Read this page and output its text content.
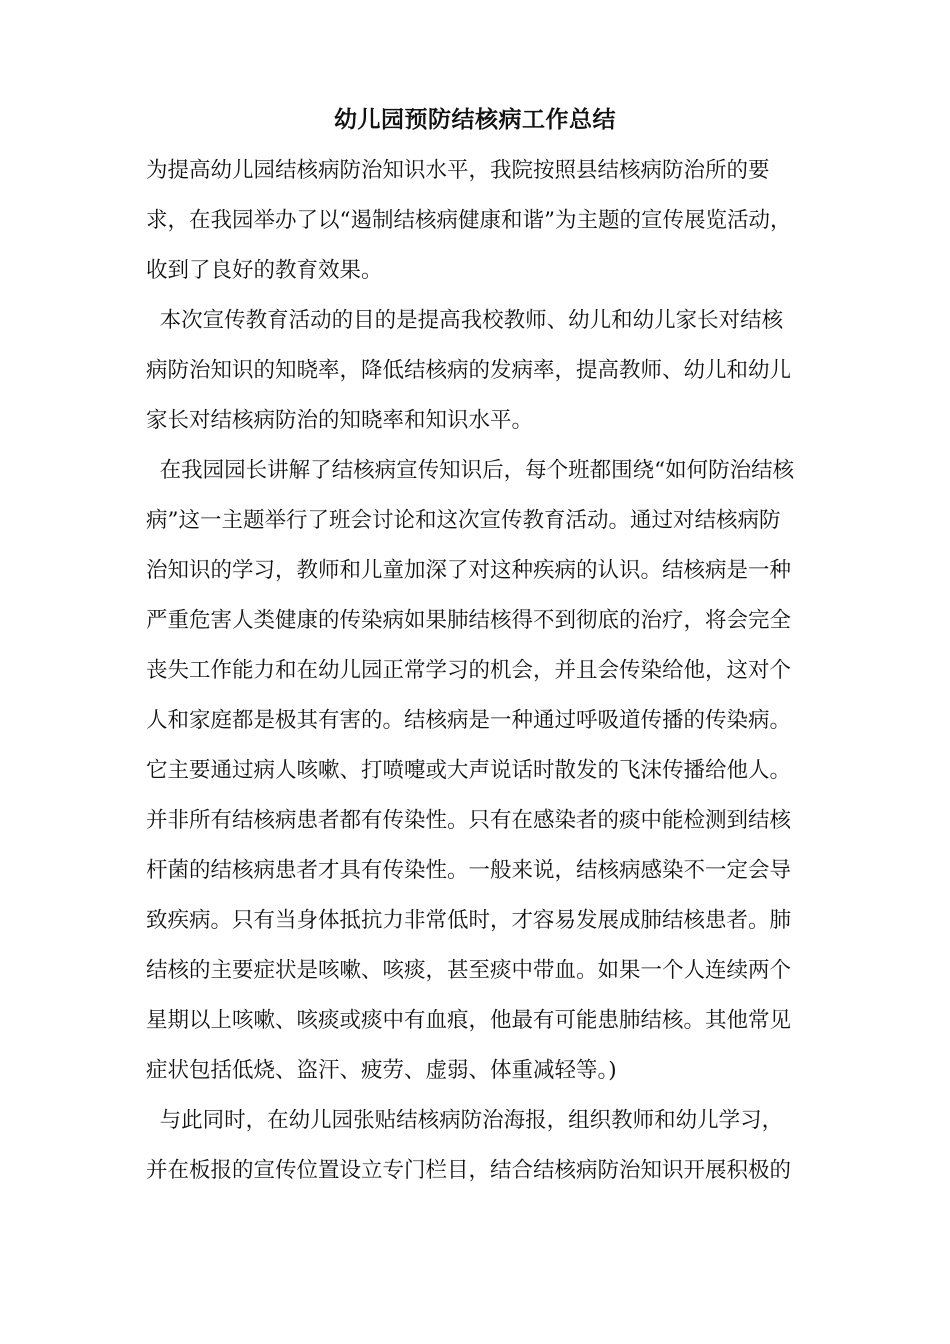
幼儿园预防结核病工作总结
为提高幼儿园结核病防治知识水平，我院按照县结核病防治所的要
求，在我园举办了以“遏制结核病健康和谐”为主题的宣传展览活动，
收到了良好的教育效果。
本次宣传教育活动的目的是提高我校教师、幼儿和幼儿家长对结核
病防治知识的知晓率，降低结核病的发病率，提高教师、幼儿和幼儿
家长对结核病防治的知晓率和知识水平。
在我园园长讲解了结核病宣传知识后，每个班都围绕“如何防治结核
病”这一主题举行了班会讨论和这次宣传教育活动。通过对结核病防
治知识的学习，教师和儿童加深了对这种疾病的认识。结核病是一种
严重危害人类健康的传染病如果肺结核得不到彻底的治疗，将会完全
丧失工作能力和在幼儿园正常学习的机会，并且会传染给他，这对个
人和家庭都是极其有害的。结核病是一种通过呼吸道传播的传染病。
它主要通过病人咳嗽、打喷嚏或大声说话时散发的飞沫传播给他人。
并非所有结核病患者都有传染性。只有在感染者的痰中能检测到结核
杆菌的结核病患者才具有传染性。一般来说，结核病感染不一定会导
致疾病。只有当身体抵抗力非常低时，才容易发展成肺结核患者。肺
结核的主要症状是咳嗽、咳痰，甚至痰中带血。如果一个人连续两个
星期以上咳嗽、咳痰或痰中有血痕，他最有可能患肺结核。其他常见
症状包括低烧、盗汗、疲劳、虚弱、体重减轻等。)
与此同时，在幼儿园张贴结核病防治海报，组织教师和幼儿学习，
并在板报的宣传位置设立专门栏目，结合结核病防治知识开展积极的
